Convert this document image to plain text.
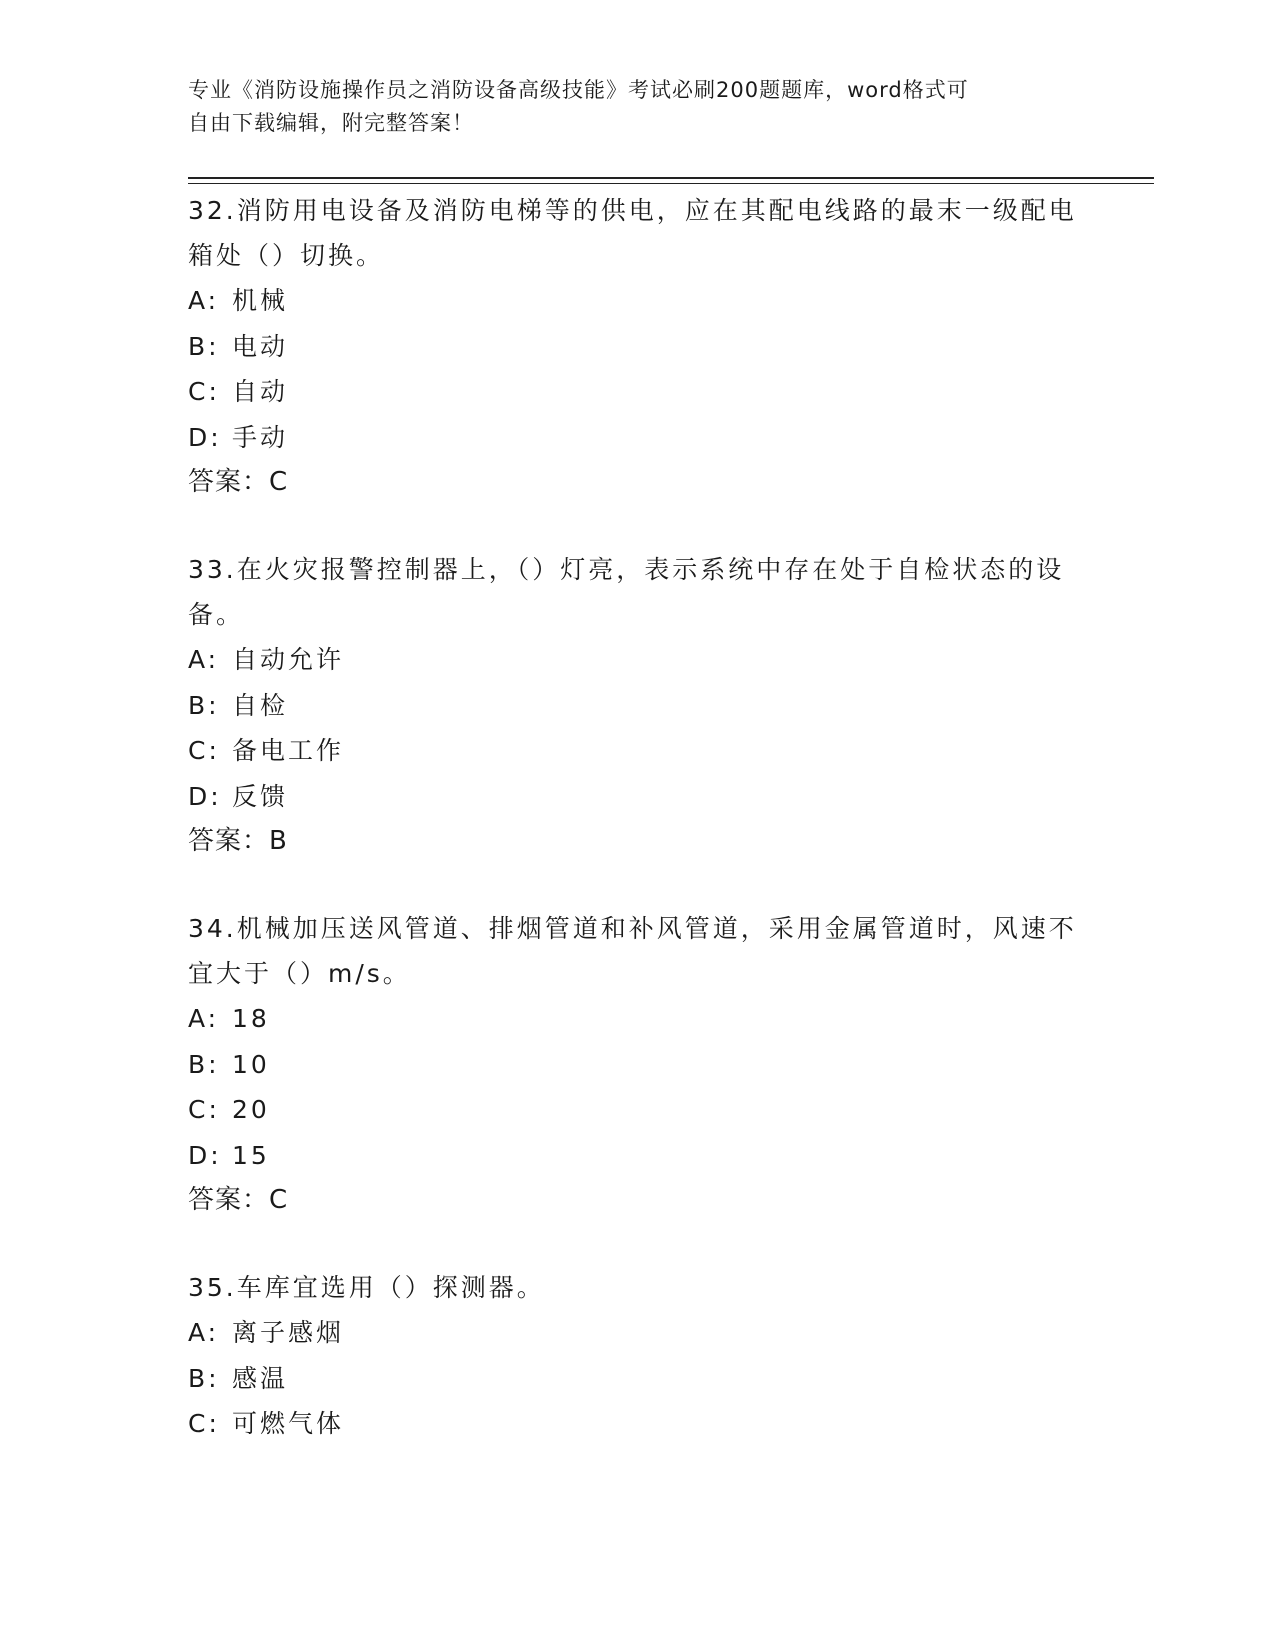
专业《消防设施操作员之消防设备高级技能》考试必刷200题题库，word格式可
自由下载编辑，附完整答案！

32.消防用电设备及消防电梯等的供电，应在其配电线路的最末一级配电箱处（）切换。

A: 机械
B: 电动
C: 自动
D: 手动
答案：C

33.在火灾报警控制器上，（）灯亮，表示系统中存在处于自检状态的设备。

A: 自动允许
B: 自检
C: 备电工作
D: 反馈
答案：B

34.机械加压送风管道、排烟管道和补风管道，采用金属管道时，风速不宜大于（）m/s。

A: 18
B: 10
C: 20
D: 15
答案：C

35.车库宜选用（）探测器。

A: 离子感烟
B: 感温
C: 可燃气体
